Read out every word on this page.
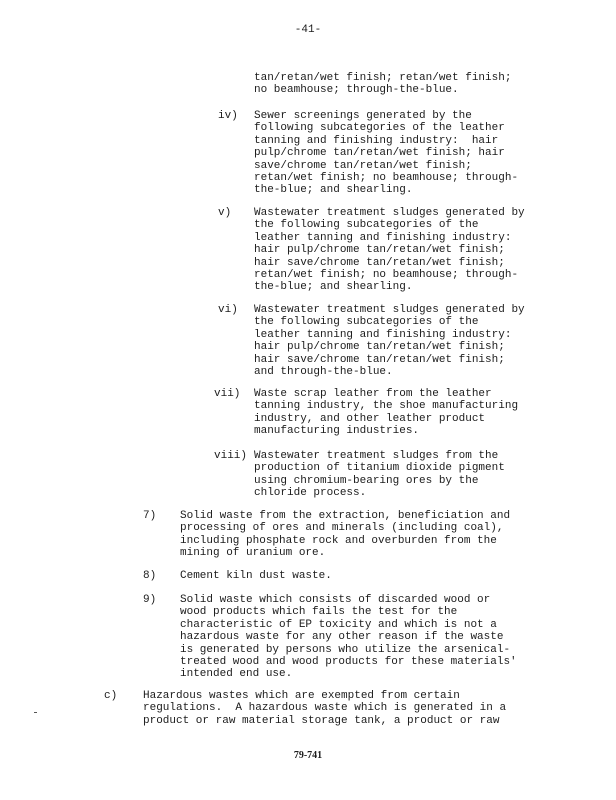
-41-
tan/retan/wet finish; retan/wet finish;
no beamhouse; through-the-blue.
iv) Sewer screenings generated by the
following subcategories of the leather
tanning and finishing industry:  hair
pulp/chrome tan/retan/wet finish; hair
save/chrome tan/retan/wet finish;
retan/wet finish; no beamhouse; through-
the-blue; and shearling.
v) Wastewater treatment sludges generated by
the following subcategories of the
leather tanning and finishing industry:
hair pulp/chrome tan/retan/wet finish;
hair save/chrome tan/retan/wet finish;
retan/wet finish; no beamhouse; through-
the-blue; and shearling.
vi) Wastewater treatment sludges generated by
the following subcategories of the
leather tanning and finishing industry:
hair pulp/chrome tan/retan/wet finish;
hair save/chrome tan/retan/wet finish;
and through-the-blue.
vii) Waste scrap leather from the leather
tanning industry, the shoe manufacturing
industry, and other leather product
manufacturing industries.
viii) Wastewater treatment sludges from the
production of titanium dioxide pigment
using chromium-bearing ores by the
chloride process.
7) Solid waste from the extraction, beneficiation and
processing of ores and minerals (including coal),
including phosphate rock and overburden from the
mining of uranium ore.
8) Cement kiln dust waste.
9) Solid waste which consists of discarded wood or
wood products which fails the test for the
characteristic of EP toxicity and which is not a
hazardous waste for any other reason if the waste
is generated by persons who utilize the arsenical-
treated wood and wood products for these materials'
intended end use.
c) Hazardous wastes which are exempted from certain
regulations.  A hazardous waste which is generated in a
product or raw material storage tank, a product or raw
79-741
